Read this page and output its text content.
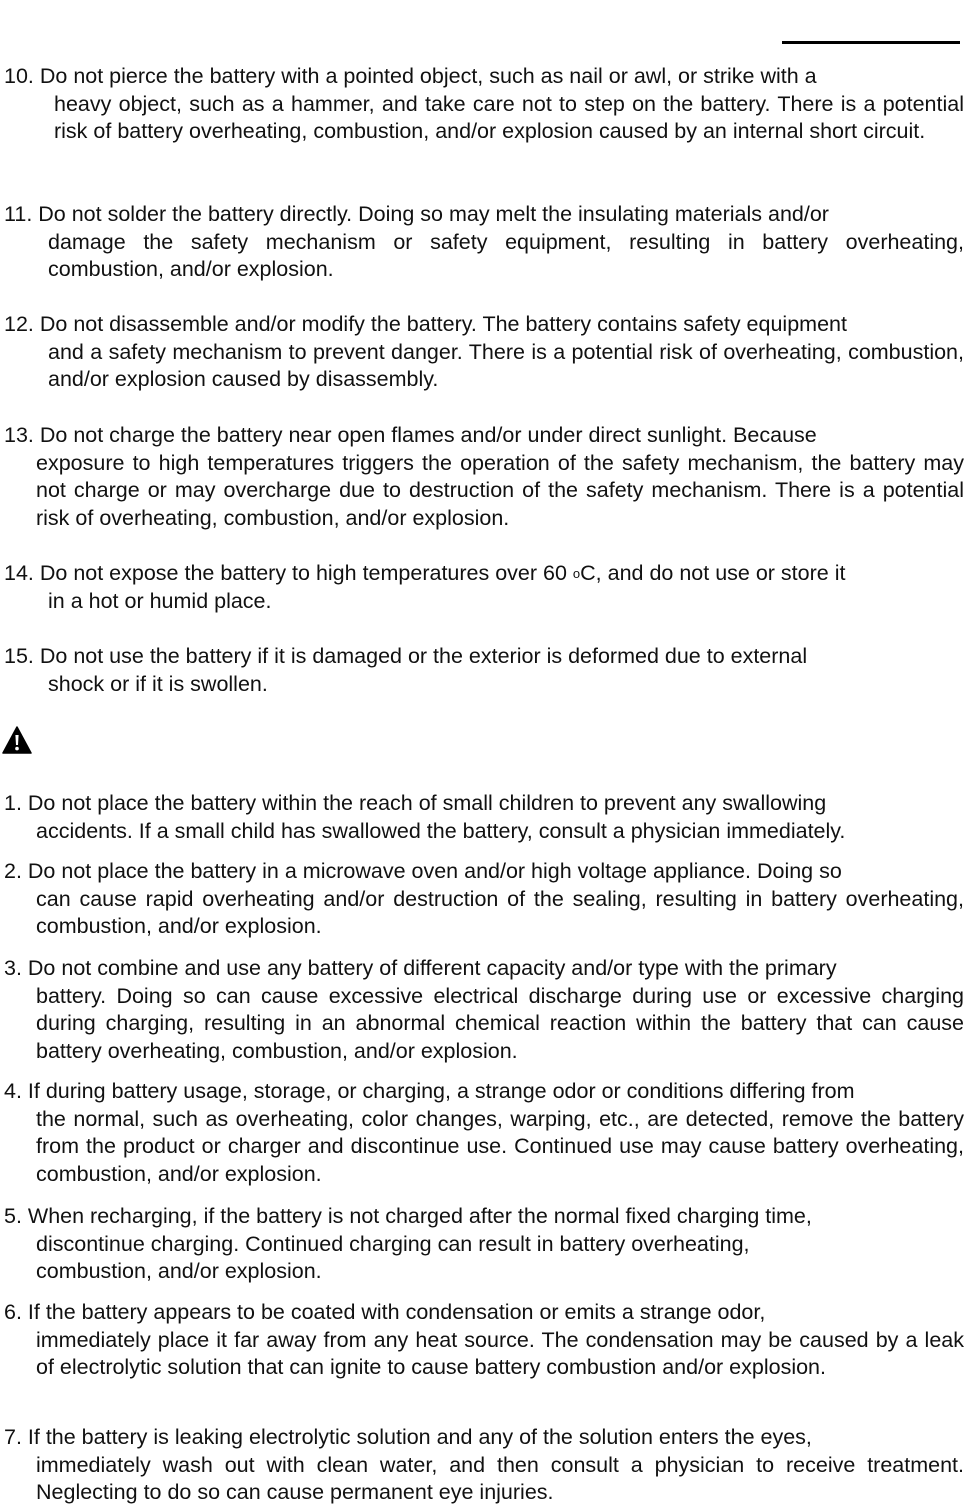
10. Do not pierce the battery with a pointed object, such as nail or awl, or strike with a
heavy object, such as a hammer, and take care not to step on the battery. There is a potential risk of battery overheating, combustion, and/or explosion caused by an internal short circuit.
11. Do not solder the battery directly. Doing so may melt the insulating materials and/or
damage the safety mechanism or safety equipment, resulting in battery overheating, combustion, and/or explosion.
12. Do not disassemble and/or modify the battery. The battery contains safety equipment
and a safety mechanism to prevent danger. There is a potential risk of overheating, combustion, and/or explosion caused by disassembly.
13. Do not charge the battery near open flames and/or under direct sunlight. Because
exposure to high temperatures triggers the operation of the safety mechanism, the battery may not charge or may overcharge due to destruction of the safety mechanism. There is a potential risk of overheating, combustion, and/or explosion.
14. Do not expose the battery to high temperatures over 60 $^o$C, and do not use or store it
in a hot or humid place.
15. Do not use the battery if it is damaged or the exterior is deformed due to external
shock or if it is swollen.
1. Do not place the battery within the reach of small children to prevent any swallowing
accidents. If a small child has swallowed the battery, consult a physician immediately.
2. Do not place the battery in a microwave oven and/or high voltage appliance. Doing so
can cause rapid overheating and/or destruction of the sealing, resulting in battery overheating, combustion, and/or explosion.
3. Do not combine and use any battery of different capacity and/or type with the primary
battery. Doing so can cause excessive electrical discharge during use or excessive charging during charging, resulting in an abnormal chemical reaction within the battery that can cause battery overheating, combustion, and/or explosion.
4. If during battery usage, storage, or charging, a strange odor or conditions differing from
the normal, such as overheating, color changes, warping, etc., are detected, remove the battery from the product or charger and discontinue use. Continued use may cause battery overheating, combustion, and/or explosion.
5. When recharging, if the battery is not charged after the normal fixed charging time,
discontinue charging. Continued charging can result in battery overheating,
combustion, and/or explosion.
6. If the battery appears to be coated with condensation or emits a strange odor,
immediately place it far away from any heat source. The condensation may be caused by a leak of electrolytic solution that can ignite to cause battery combustion and/or explosion.
7. If the battery is leaking electrolytic solution and any of the solution enters the eyes,
immediately wash out with clean water, and then consult a physician to receive treatment. Neglecting to do so can cause permanent eye injuries.
